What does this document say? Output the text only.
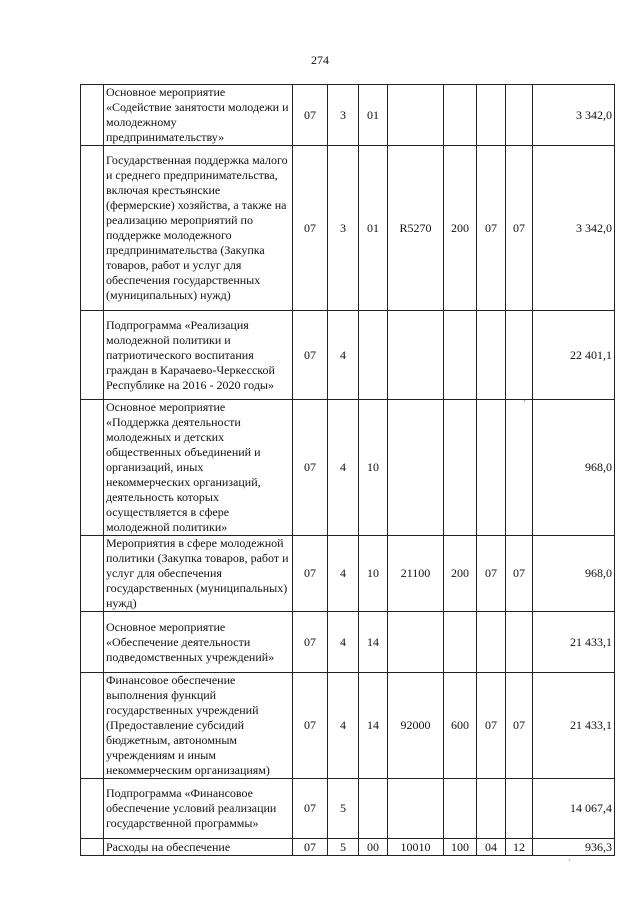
274
	Основное мероприятие «Содействие занятости молодежи и молодежному предпринимательству»	07	3	01					3 342,0
	Государственная поддержка малого и среднего предпринимательства, включая крестьянские (фермерские) хозяйства, а также на реализацию мероприятий по поддержке молодежного предпринимательства (Закупка товаров, работ и услуг для обеспечения государственных (муниципальных) нужд)	07	3	01	R5270	200	07	07	3 342,0
	Подпрограмма «Реализация молодежной политики и патриотического воспитания граждан в Карачаево-Черкесской Республике на 2016 - 2020 годы»	07	4						22 401,1
	Основное мероприятие «Поддержка деятельности молодежных и детских общественных объединений и организаций, иных некоммерческих организаций, деятельность которых осуществляется в сфере молодежной политики»	07	4	10					968,0
	Мероприятия в сфере молодежной политики (Закупка товаров, работ и услуг для обеспечения государственных (муниципальных) нужд)	07	4	10	21100	200	07	07	968,0
	Основное мероприятие «Обеспечение деятельности подведомственных учреждений»	07	4	14					21 433,1
	Финансовое обеспечение выполнения функций государственных учреждений (Предоставление субсидий бюджетным, автономным учреждениям и иным некоммерческим организациям)	07	4	14	92000	600	07	07	21 433,1
	Подпрограмма «Финансовое обеспечение условий реализации государственной программы»	07	5						14 067,4
	Расходы на обеспечение	07	5	00	10010	100	04	12	936,3
'
`
